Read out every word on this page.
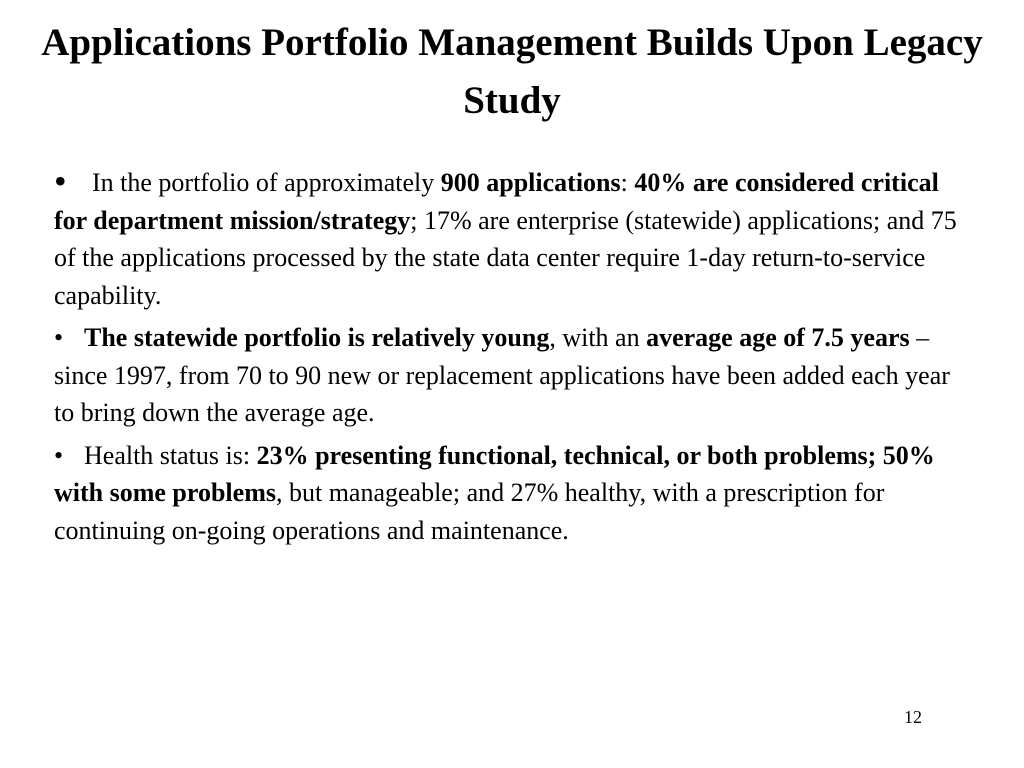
Applications Portfolio Management Builds Upon Legacy Study
• In the portfolio of approximately 900 applications: 40% are considered critical for department mission/strategy; 17% are enterprise (statewide) applications; and 75 of the applications processed by the state data center require 1-day return-to-service capability.
• The statewide portfolio is relatively young, with an average age of 7.5 years – since 1997, from 70 to 90 new or replacement applications have been added each year to bring down the average age.
• Health status is: 23% presenting functional, technical, or both problems; 50% with some problems, but manageable; and 27% healthy, with a prescription for continuing on-going operations and maintenance.
12
